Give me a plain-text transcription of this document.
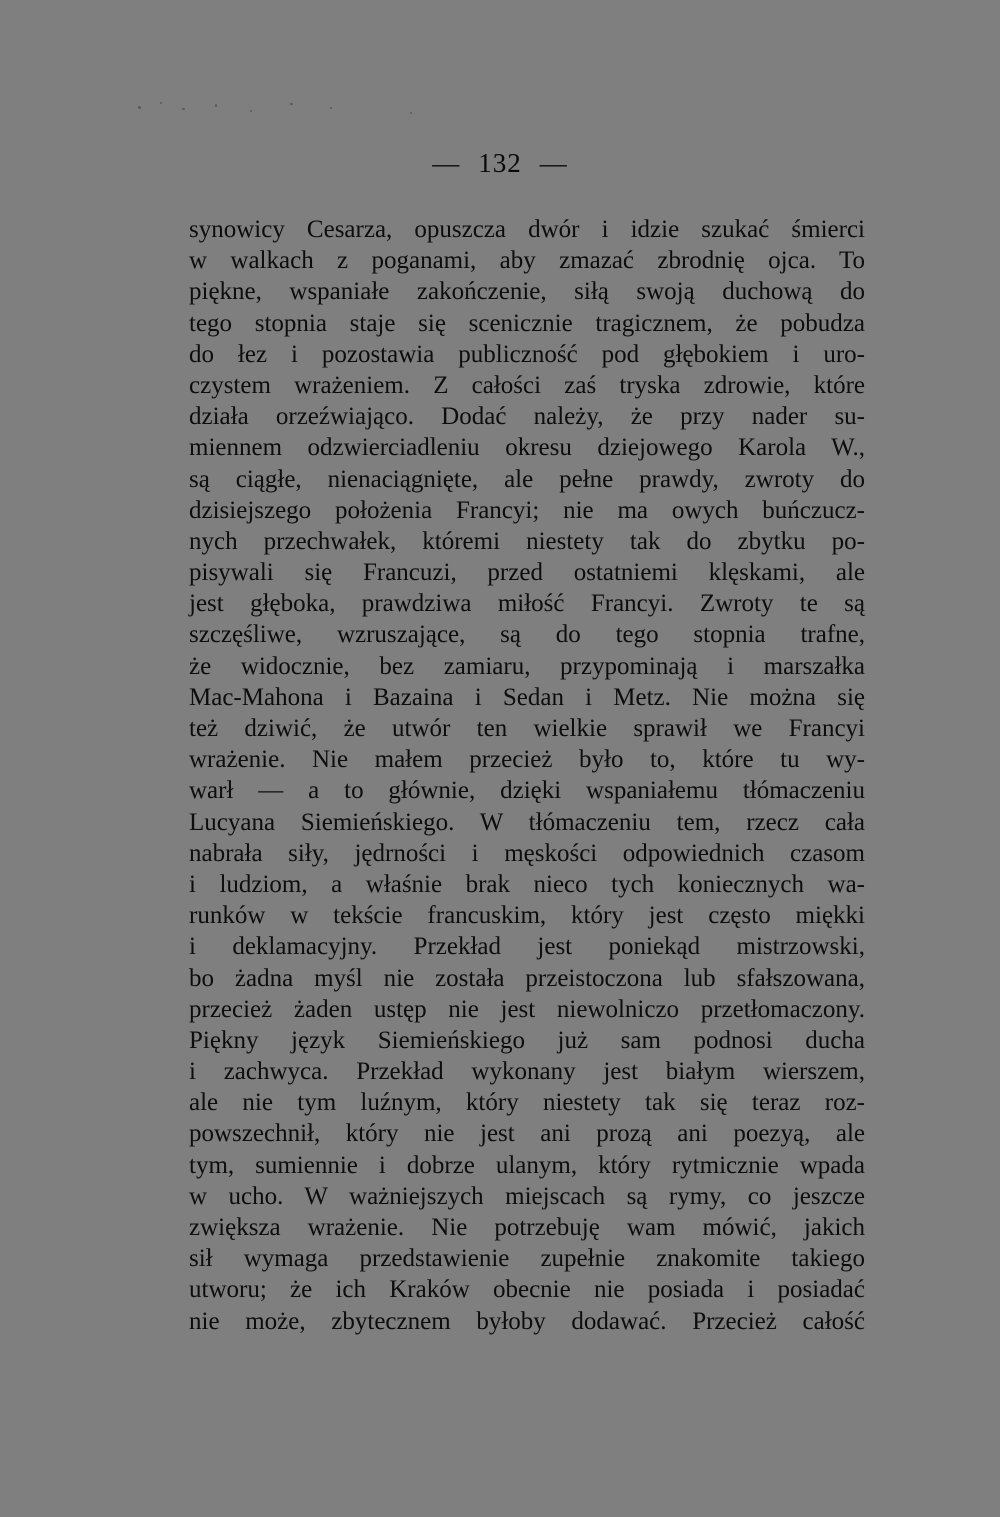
— 132 —
synowicy Cesarza, opuszcza dwór i idzie szukać śmierci
w walkach z poganami, aby zmazać zbrodnię ojca. To
piękne, wspaniałe zakończenie, siłą swoją duchową do
tego stopnia staje się scenicznie tragicznem, że pobudza
do łez i pozostawia publiczność pod głębokiem i uro-
czystem wrażeniem. Z całości zaś tryska zdrowie, które
działa orzeźwiająco. Dodać należy, że przy nader su-
miennem odzwierciadleniu okresu dziejowego Karola W.,
są ciągłe, nienaciągnięte, ale pełne prawdy, zwroty do
dzisiejszego położenia Francyi; nie ma owych buńczucz-
nych przechwałek, któremi niestety tak do zbytku po-
pisywali się Francuzi, przed ostatniemi klęskami, ale
jest głęboka, prawdziwa miłość Francyi. Zwroty te są
szczęśliwe, wzruszające, są do tego stopnia trafne,
że widocznie, bez zamiaru, przypominają i marszałka
Mac-Mahona i Bazaina i Sedan i Metz. Nie można się
też dziwić, że utwór ten wielkie sprawił we Francyi
wrażenie. Nie małem przecież było to, które tu wy-
warł — a to głównie, dzięki wspaniałemu tłómaczeniu
Lucyana Siemieńskiego. W tłómaczeniu tem, rzecz cała
nabrała siły, jędrności i męskości odpowiednich czasom
i ludziom, a właśnie brak nieco tych koniecznych wa-
runków w tekście francuskim, który jest często miękki
i deklamacyjny. Przekład jest poniekąd mistrzowski,
bo żadna myśl nie została przeistoczona lub sfałszowana,
przecież żaden ustęp nie jest niewolniczo przetłomaczony.
Piękny język Siemieńskiego już sam podnosi ducha
i zachwyca. Przekład wykonany jest białym wierszem,
ale nie tym luźnym, który niestety tak się teraz roz-
powszechnił, który nie jest ani prozą ani poezyą, ale
tym, sumiennie i dobrze ulanym, który rytmicznie wpada
w ucho. W ważniejszych miejscach są rymy, co jeszcze
zwiększa wrażenie. Nie potrzebuję wam mówić, jakich
sił wymaga przedstawienie zupełnie znakomite takiego
utworu; że ich Kraków obecnie nie posiada i posiadać
nie może, zbytecznem byłoby dodawać. Przecież całość
